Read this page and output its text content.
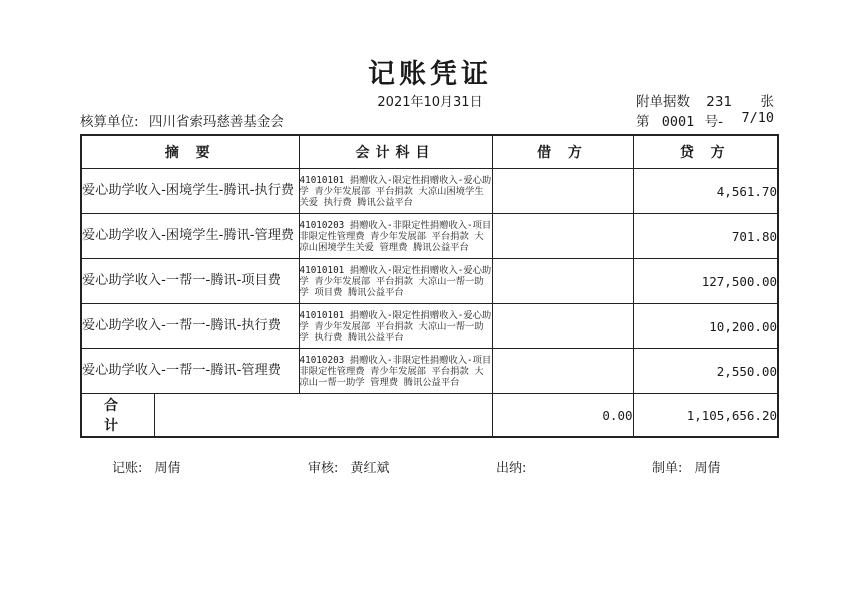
记账凭证
2021年10月31日
核算单位: 四川省索玛慈善基金会
附单据数 231 张
第 0001 号- 7/10
摘 要	会计科目	借 方	贷 方
爱心助学收入-困境学生-腾讯-执行费	41010101 捐赠收入-限定性捐赠收入-爱心助学 青少年发展部 平台捐款 大凉山困境学生关爱 执行费 腾讯公益平台		4,561.70
爱心助学收入-困境学生-腾讯-管理费	41010203 捐赠收入-非限定性捐赠收入-项目非限定性管理费 青少年发展部 平台捐款 大凉山困境学生关爱 管理费 腾讯公益平台		701.80
爱心助学收入-一帮一-腾讯-项目费	41010101 捐赠收入-限定性捐赠收入-爱心助学 青少年发展部 平台捐款 大凉山一帮一助学 项目费 腾讯公益平台		127,500.00
爱心助学收入-一帮一-腾讯-执行费	41010101 捐赠收入-限定性捐赠收入-爱心助学 青少年发展部 平台捐款 大凉山一帮一助学 执行费 腾讯公益平台		10,200.00
爱心助学收入-一帮一-腾讯-管理费	41010203 捐赠收入-非限定性捐赠收入-项目非限定性管理费 青少年发展部 平台捐款 大凉山一帮一助学 管理费 腾讯公益平台		2,550.00

合 计		0.00	1,105,656.20
记账: 周倩	审核: 黄红斌	出纳:	制单: 周倩
